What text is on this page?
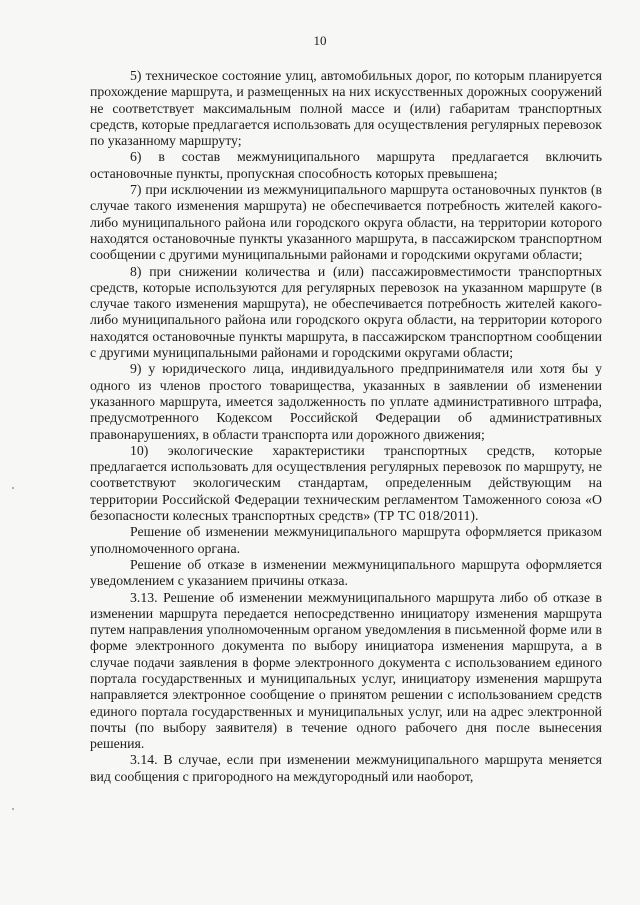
10

5) техническое состояние улиц, автомобильных дорог, по которым планируется прохождение маршрута, и размещенных на них искусственных дорожных сооружений не соответствует максимальным полной массе и (или) габаритам транспортных средств, которые предлагается использовать для осуществления регулярных перевозок по указанному маршруту;

6) в состав межмуниципального маршрута предлагается включить остановочные пункты, пропускная способность которых превышена;

7) при исключении из межмуниципального маршрута остановочных пунктов (в случае такого изменения маршрута) не обеспечивается потребность жителей какого-либо муниципального района или городского округа области, на территории которого находятся остановочные пункты указанного маршрута, в пассажирском транспортном сообщении с другими муниципальными районами и городскими округами области;

8) при снижении количества и (или) пассажировместимости транспортных средств, которые используются для регулярных перевозок на указанном маршруте (в случае такого изменения маршрута), не обеспечивается потребность жителей какого-либо муниципального района или городского округа области, на территории которого находятся остановочные пункты маршрута, в пассажирском транспортном сообщении с другими муниципальными районами и городскими округами области;

9) у юридического лица, индивидуального предпринимателя или хотя бы у одного из членов простого товарищества, указанных в заявлении об изменении указанного маршрута, имеется задолженность по уплате административного штрафа, предусмотренного Кодексом Российской Федерации об административных правонарушениях, в области транспорта или дорожного движения;

10) экологические характеристики транспортных средств, которые предлагается использовать для осуществления регулярных перевозок по маршруту, не соответствуют экологическим стандартам, определенным действующим на территории Российской Федерации техническим регламентом Таможенного союза «О безопасности колесных транспортных средств» (ТР ТС 018/2011).

Решение об изменении межмуниципального маршрута оформляется приказом уполномоченного органа.

Решение об отказе в изменении межмуниципального маршрута оформляется уведомлением с указанием причины отказа.

3.13. Решение об изменении межмуниципального маршрута либо об отказе в изменении маршрута передается непосредственно инициатору изменения маршрута путем направления уполномоченным органом уведомления в письменной форме или в форме электронного документа по выбору инициатора изменения маршрута, а в случае подачи заявления в форме электронного документа с использованием единого портала государственных и муниципальных услуг, инициатору изменения маршрута направляется электронное сообщение о принятом решении с использованием средств единого портала государственных и муниципальных услуг, или на адрес электронной почты (по выбору заявителя) в течение одного рабочего дня после вынесения решения.

3.14. В случае, если при изменении межмуниципального маршрута меняется вид сообщения с пригородного на междугородный или наоборот,
